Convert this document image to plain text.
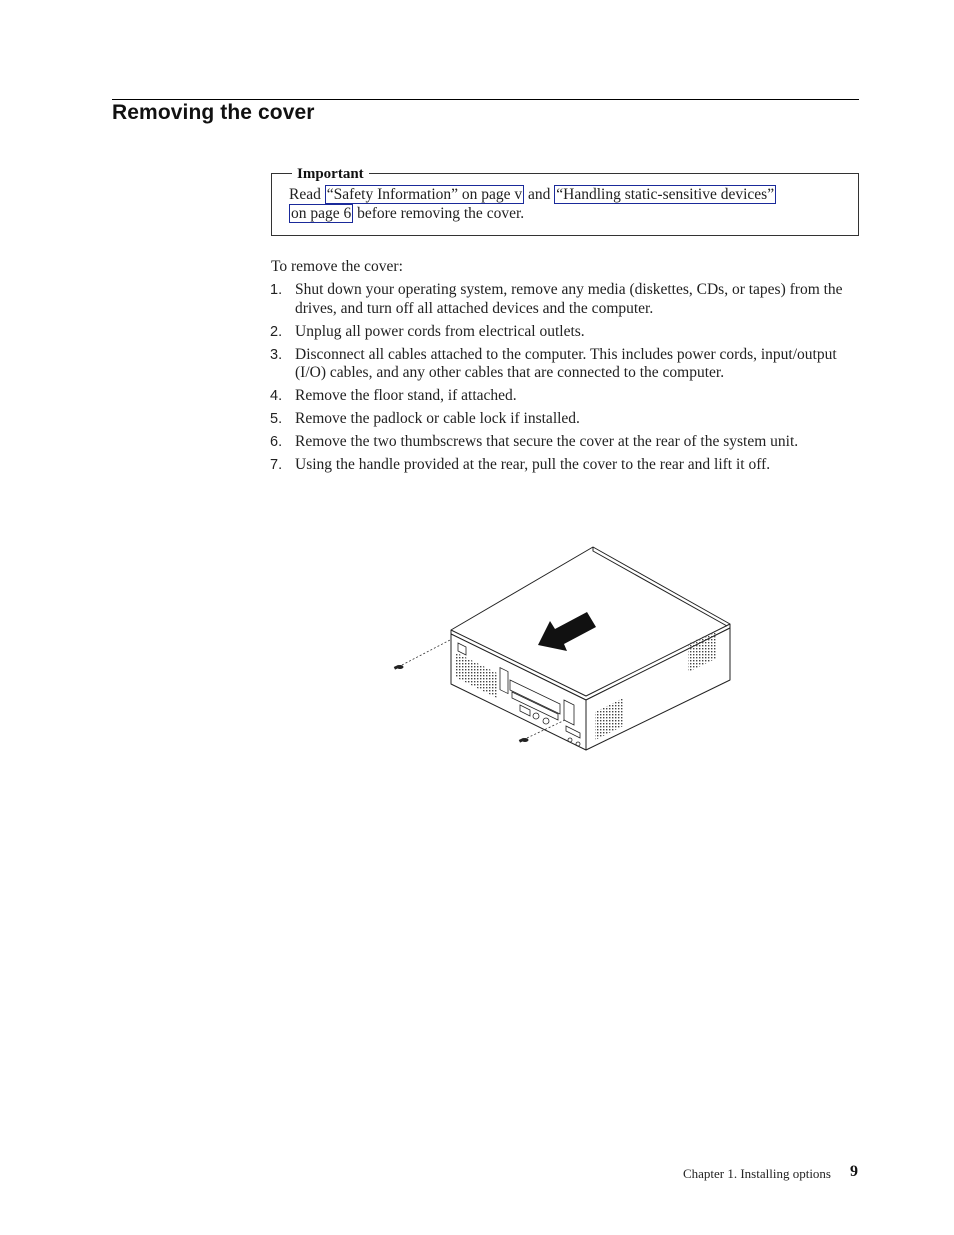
Removing the cover
Important
Read “Safety Information” on page v and “Handling static-sensitive devices”
on page 6 before removing the cover.
To remove the cover:
1. Shut down your operating system, remove any media (diskettes, CDs, or tapes) from the drives, and turn off all attached devices and the computer.
2. Unplug all power cords from electrical outlets.
3. Disconnect all cables attached to the computer. This includes power cords, input/output (I/O) cables, and any other cables that are connected to the computer.
4. Remove the floor stand, if attached.
5. Remove the padlock or cable lock if installed.
6. Remove the two thumbscrews that secure the cover at the rear of the system unit.
7. Using the handle provided at the rear, pull the cover to the rear and lift it off.
Chapter 1. Installing options 9
